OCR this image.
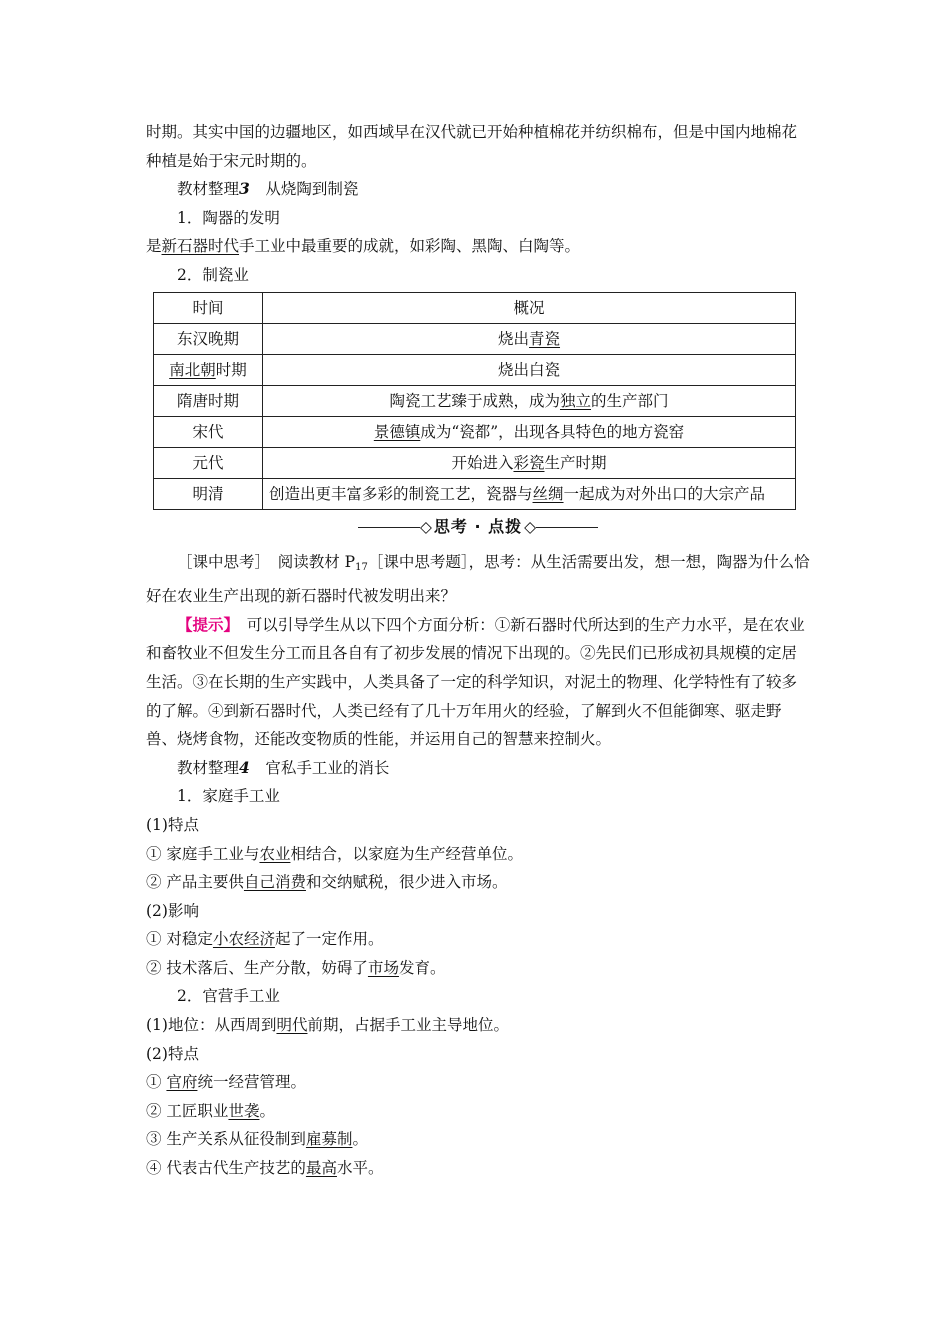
时期。其实中国的边疆地区，如西域早在汉代就已开始种植棉花并纺织棉布，但是中国内地棉花种植是始于宋元时期的。

教材整理3　 从烧陶到制瓷

1．陶器的发明

是新石器时代手工业中最重要的成就，如彩陶、黑陶、白陶等。

2．制瓷业

时间	概况
东汉晚期	烧出青瓷
南北朝时期	烧出白瓷
隋唐时期	陶瓷工艺臻于成熟，成为独立的生产部门
宋代	景德镇成为“瓷都”，出现各具特色的地方瓷窑
元代	开始进入彩瓷生产时期
明清	创造出更丰富多彩的制瓷工艺，瓷器与丝绸一起成为对外出口的大宗产品
◇ 思考 · 点拨 ◇

［课中思考］　阅读教材 $P_{17}[$课中思考题］，思考：从生活需要出发，想一想，陶器为什么恰好在农业生产出现的新石器时代被发明出来？

【提示】　可以引导学生从以下四个方面分析：①新石器时代所达到的生产力水平，是在农业和畜牧业不但发生分工而且各自有了初步发展的情况下出现的。②先民们已形成初具规模的定居生活。③在长期的生产实践中，人类具备了一定的科学知识，对泥土的物理、化学特性有了较多的了解。④到新石器时代，人类已经有了几十万年用火的经验，了解到火不但能御寒、驱走野兽、烧烤食物，还能改变物质的性能，并运用自己的智慧来控制火。

教材整理4　 官私手工业的消长

1．家庭手工业

(1)特点

① 家庭手工业与农业相结合，以家庭为生产经营单位。

② 产品主要供自己消费和交纳赋税，很少进入市场。

(2)影响

① 对稳定小农经济起了一定作用。

② 技术落后、生产分散，妨碍了市场发育。

2．官营手工业

(1)地位：从西周到明代前期，占据手工业主导地位。

(2)特点

① 官府统一经营管理。

② 工匠职业世袭。

③ 生产关系从征役制到雇募制。

④ 代表古代生产技艺的最高水平。
